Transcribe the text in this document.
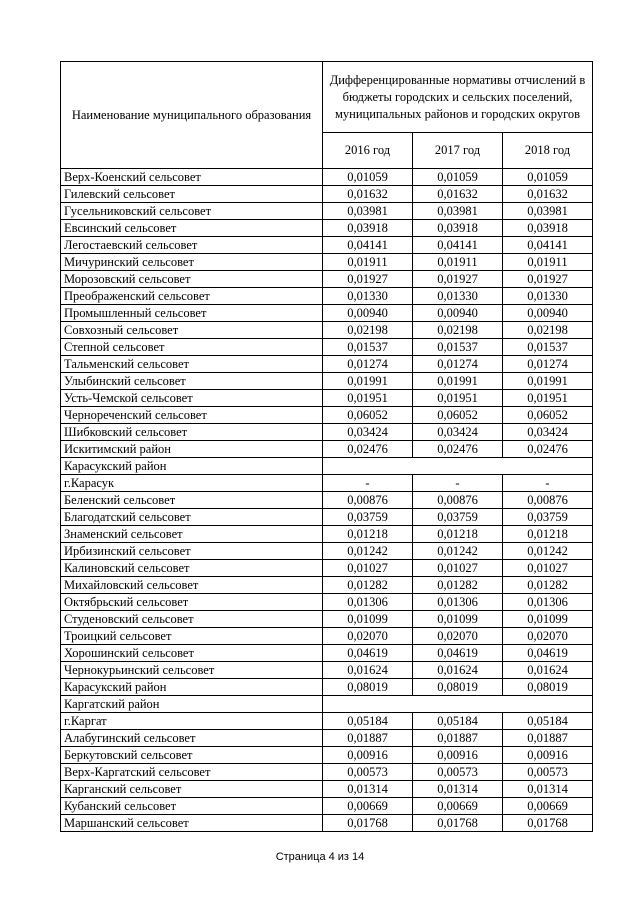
Наименование муниципального образования	Дифференцированные нормативы отчислений в бюджеты городских и сельских поселений, муниципальных районов и городских округов		
	2016 год	2017 год	2018 год
Верх-Коенский сельсовет	0,01059	0,01059	0,01059
Гилевский сельсовет	0,01632	0,01632	0,01632
Гусельниковский сельсовет	0,03981	0,03981	0,03981
Евсинский сельсовет	0,03918	0,03918	0,03918
Легостаевский сельсовет	0,04141	0,04141	0,04141
Мичуринский сельсовет	0,01911	0,01911	0,01911
Морозовский сельсовет	0,01927	0,01927	0,01927
Преображенский сельсовет	0,01330	0,01330	0,01330
Промышленный сельсовет	0,00940	0,00940	0,00940
Совхозный сельсовет	0,02198	0,02198	0,02198
Степной сельсовет	0,01537	0,01537	0,01537
Тальменский сельсовет	0,01274	0,01274	0,01274
Улыбинский сельсовет	0,01991	0,01991	0,01991
Усть-Чемской сельсовет	0,01951	0,01951	0,01951
Чернореченский сельсовет	0,06052	0,06052	0,06052
Шибковский сельсовет	0,03424	0,03424	0,03424
Искитимский район	0,02476	0,02476	0,02476
Карасукский район			
г.Карасук	-	-	-
Беленский сельсовет	0,00876	0,00876	0,00876
Благодатский сельсовет	0,03759	0,03759	0,03759
Знаменский сельсовет	0,01218	0,01218	0,01218
Ирбизинский сельсовет	0,01242	0,01242	0,01242
Калиновский сельсовет	0,01027	0,01027	0,01027
Михайловский сельсовет	0,01282	0,01282	0,01282
Октябрьский сельсовет	0,01306	0,01306	0,01306
Студеновский сельсовет	0,01099	0,01099	0,01099
Троицкий сельсовет	0,02070	0,02070	0,02070
Хорошинский сельсовет	0,04619	0,04619	0,04619
Чернокурьинский сельсовет	0,01624	0,01624	0,01624
Карасукский район	0,08019	0,08019	0,08019
Каргатский район			
г.Каргат	0,05184	0,05184	0,05184
Алабугинский сельсовет	0,01887	0,01887	0,01887
Беркутовский сельсовет	0,00916	0,00916	0,00916
Верх-Каргатский сельсовет	0,00573	0,00573	0,00573
Карганский сельсовет	0,01314	0,01314	0,01314
Кубанский сельсовет	0,00669	0,00669	0,00669
Маршанский сельсовет	0,01768	0,01768	0,01768
Страница 4 из 14
